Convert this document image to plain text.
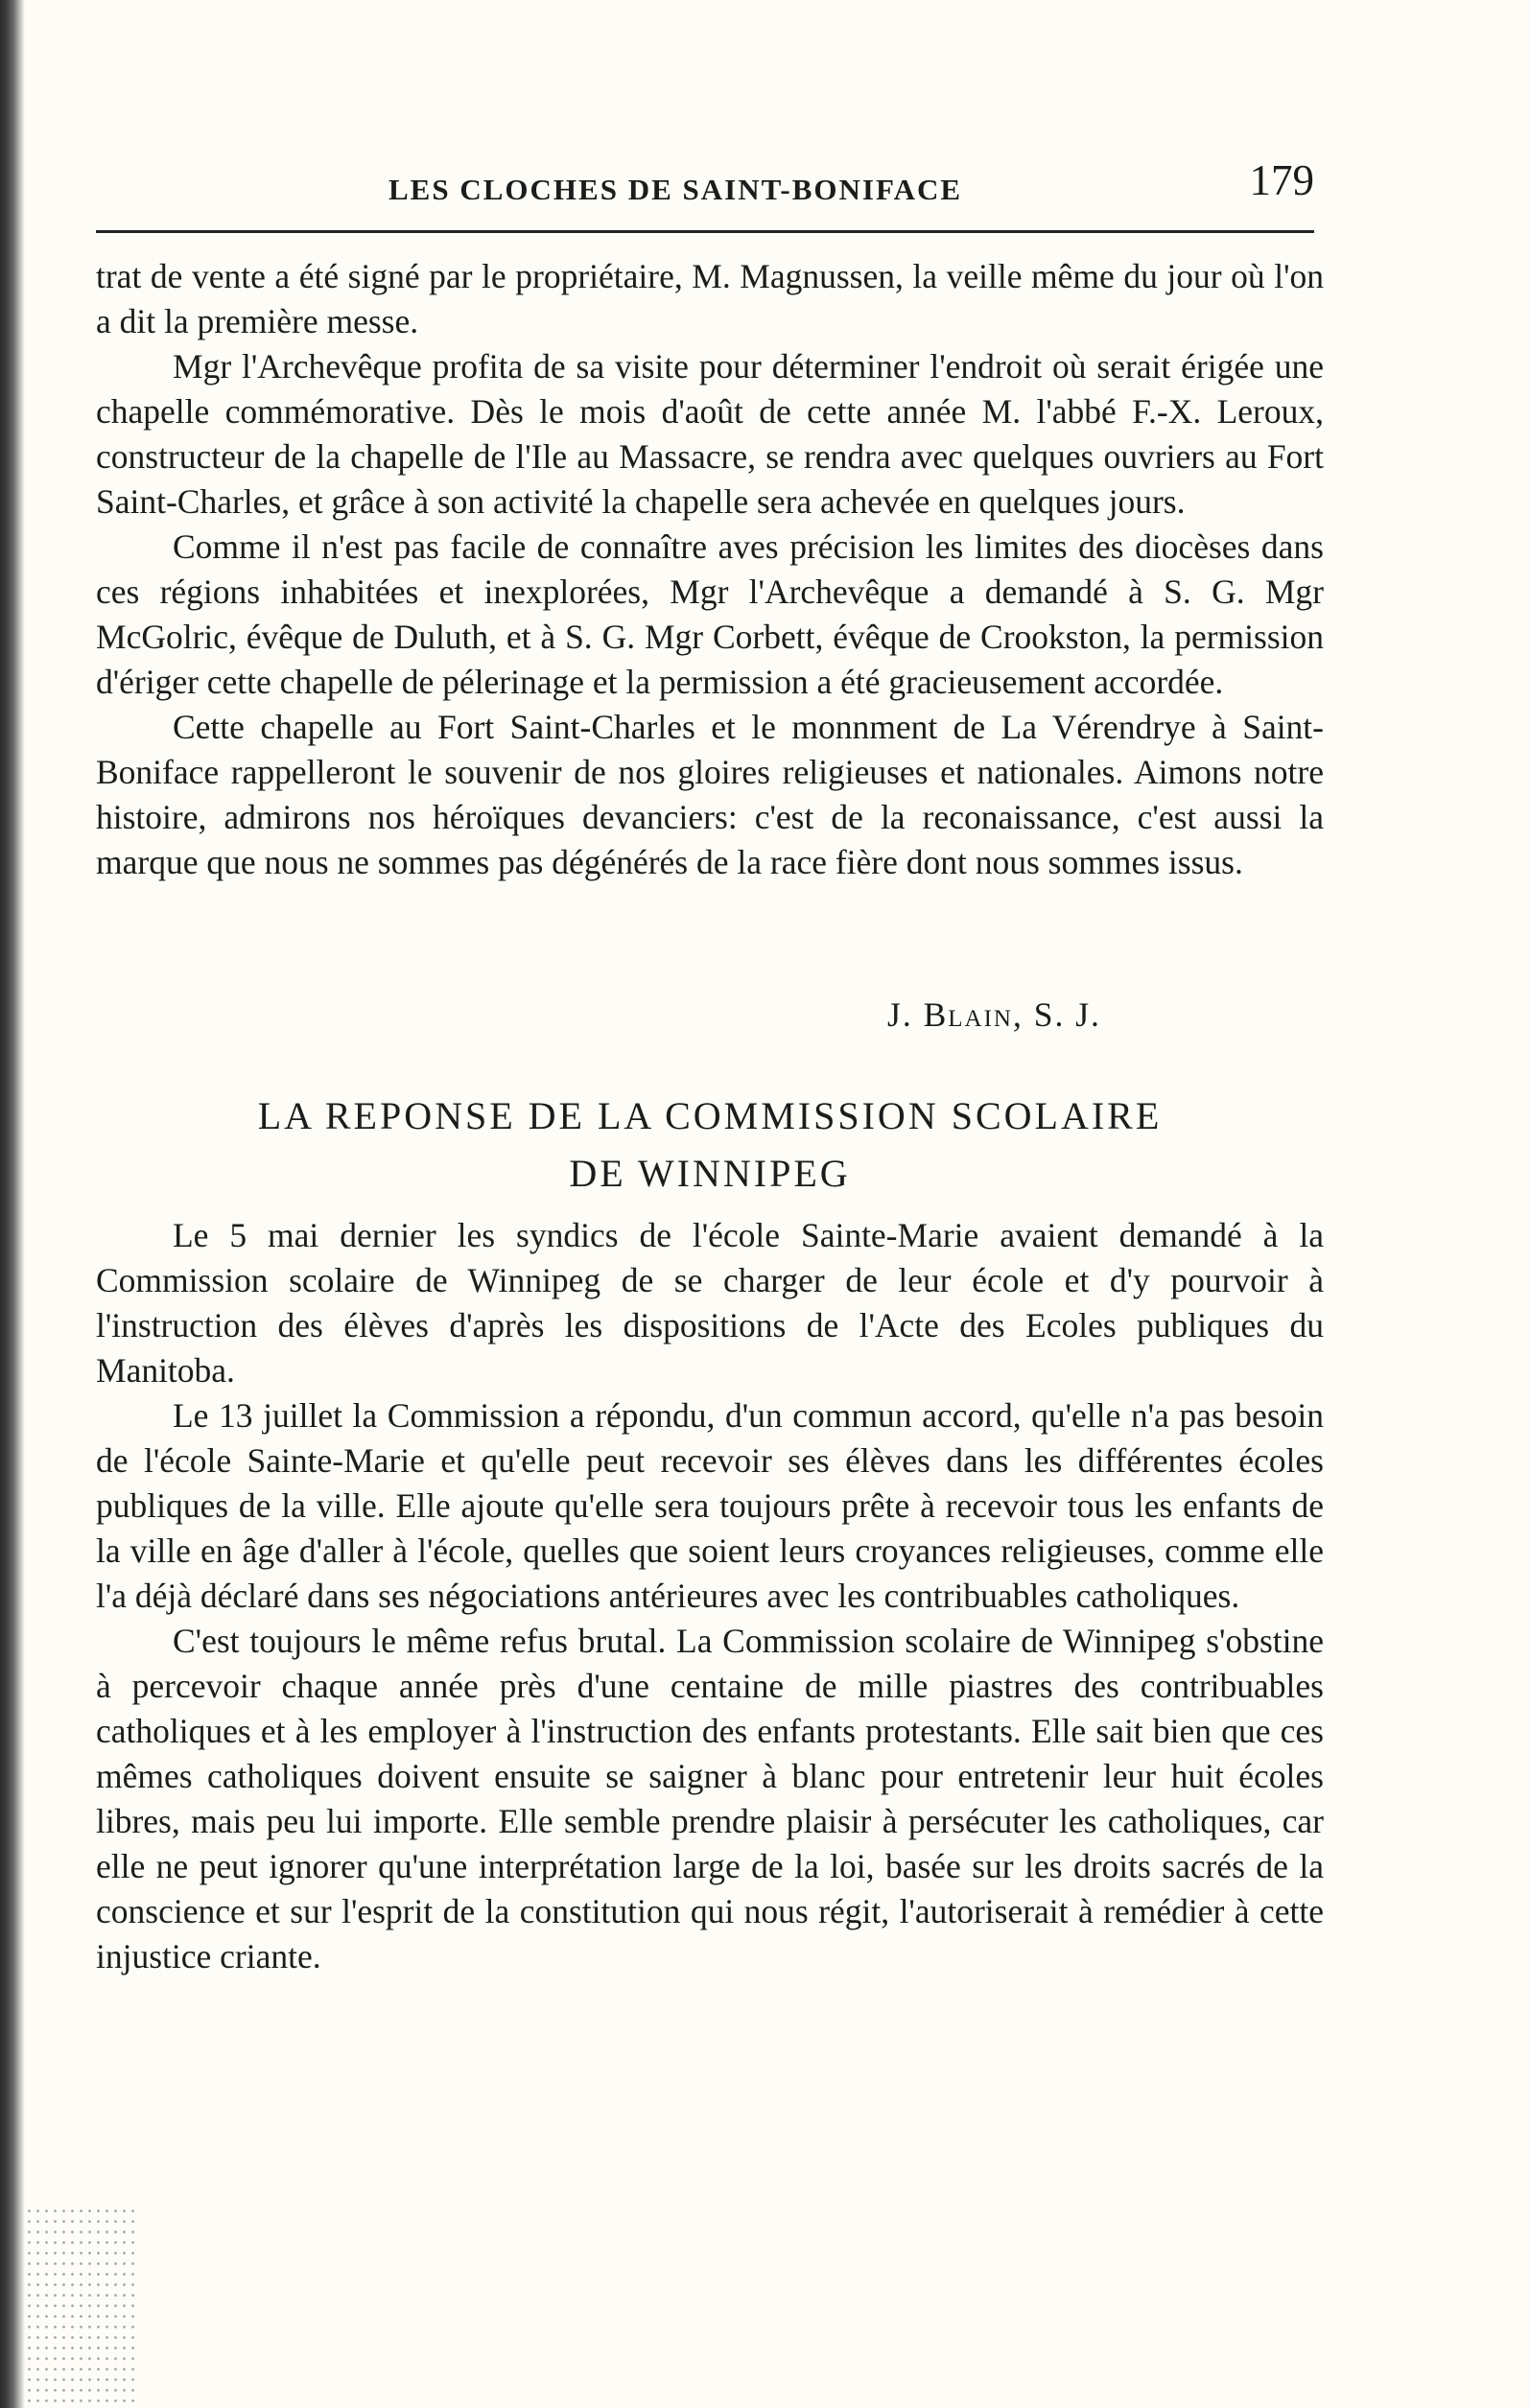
LES CLOCHES DE SAINT-BONIFACE	179

trat de vente a été signé par le propriétaire, M. Magnussen, la veille même du jour où l'on a dit la première messe.

Mgr l'Archevêque profita de sa visite pour déterminer l'endroit où serait érigée une chapelle commémorative. Dès le mois d'août de cette année M. l'abbé F.-X. Leroux, constructeur de la chapelle de l'Ile au Massacre, se rendra avec quelques ouvriers au Fort Saint-Charles, et grâce à son activité la chapelle sera achevée en quelques jours.

Comme il n'est pas facile de connaître aves précision les limites des diocèses dans ces régions inhabitées et inexplorées, Mgr l'Archevêque a demandé à S. G. Mgr McGolric, évêque de Duluth, et à S. G. Mgr Corbett, évêque de Crookston, la permission d'ériger cette chapelle de pélerinage et la permission a été gracieusement accordée.

Cette chapelle au Fort Saint-Charles et le monnment de La Vérendrye à Saint-Boniface rappelleront le souvenir de nos gloires religieuses et nationales. Aimons notre histoire, admirons nos héroïques devanciers: c'est de la reconaissance, c'est aussi la marque que nous ne sommes pas dégénérés de la race fière dont nous sommes issus.

J. Blain, S. J.
LA REPONSE DE LA COMMISSION SCOLAIRE
DE WINNIPEG

Le 5 mai dernier les syndics de l'école Sainte-Marie avaient demandé à la Commission scolaire de Winnipeg de se charger de leur école et d'y pourvoir à l'instruction des élèves d'après les dispositions de l'Acte des Ecoles publiques du Manitoba.

Le 13 juillet la Commission a répondu, d'un commun accord, qu'elle n'a pas besoin de l'école Sainte-Marie et qu'elle peut recevoir ses élèves dans les différentes écoles publiques de la ville. Elle ajoute qu'elle sera toujours prête à recevoir tous les enfants de la ville en âge d'aller à l'école, quelles que soient leurs croyances religieuses, comme elle l'a déjà déclaré dans ses négociations antérieures avec les contribuables catholiques.

C'est toujours le même refus brutal. La Commission scolaire de Winnipeg s'obstine à percevoir chaque année près d'une centaine de mille piastres des contribuables catholiques et à les employer à l'instruction des enfants protestants. Elle sait bien que ces mêmes catholiques doivent ensuite se saigner à blanc pour entretenir leur huit écoles libres, mais peu lui importe. Elle semble prendre plaisir à persécuter les catholiques, car elle ne peut ignorer qu'une interprétation large de la loi, basée sur les droits sacrés de la conscience et sur l'esprit de la constitution qui nous régit, l'autoriserait à remédier à cette injustice criante.
